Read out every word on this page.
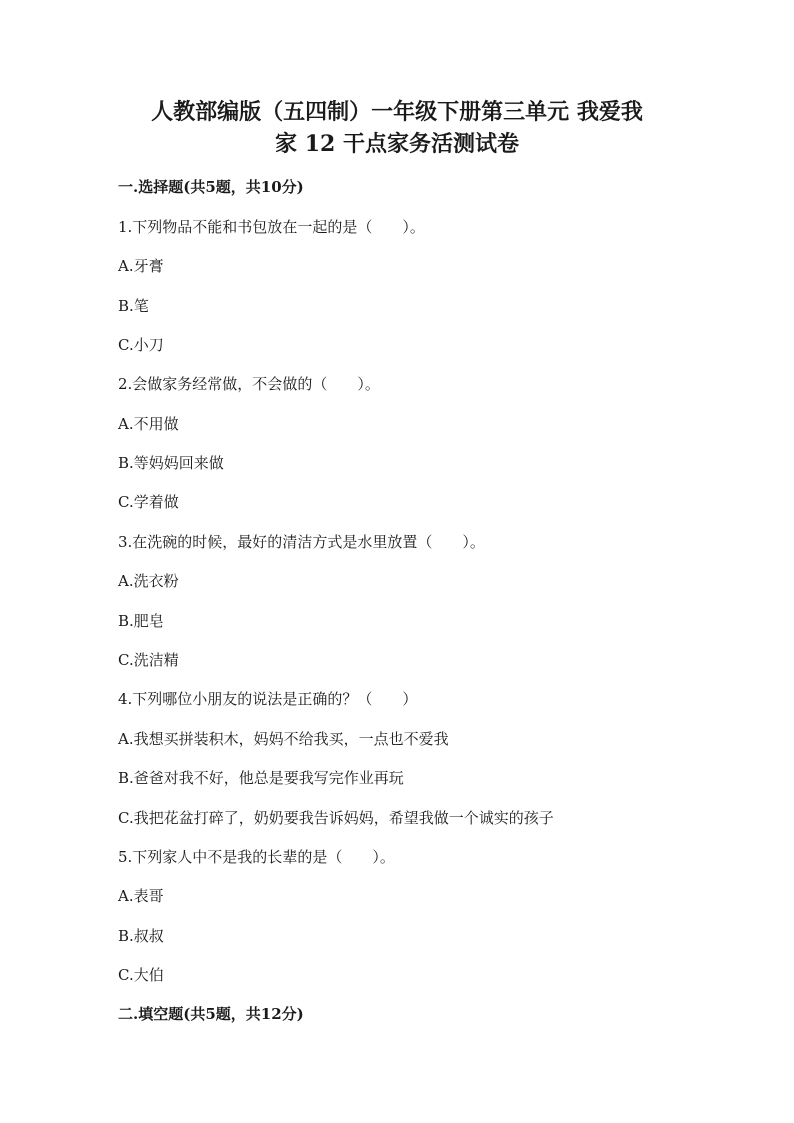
人教部编版（五四制）一年级下册第三单元 我爱我
家 12 干点家务活测试卷
一.选择题(共5题，共10分)
1.下列物品不能和书包放在一起的是（　　）。
A.牙膏
B.笔
C.小刀
2.会做家务经常做，不会做的（　　）。
A.不用做
B.等妈妈回来做
C.学着做
3.在洗碗的时候，最好的清洁方式是水里放置（　　）。
A.洗衣粉
B.肥皂
C.洗洁精
4.下列哪位小朋友的说法是正确的？（　　）
A.我想买拼装积木，妈妈不给我买，一点也不爱我
B.爸爸对我不好，他总是要我写完作业再玩
C.我把花盆打碎了，奶奶要我告诉妈妈，希望我做一个诚实的孩子
5.下列家人中不是我的长辈的是（　　）。
A.表哥
B.叔叔
C.大伯
二.填空题(共5题，共12分)
